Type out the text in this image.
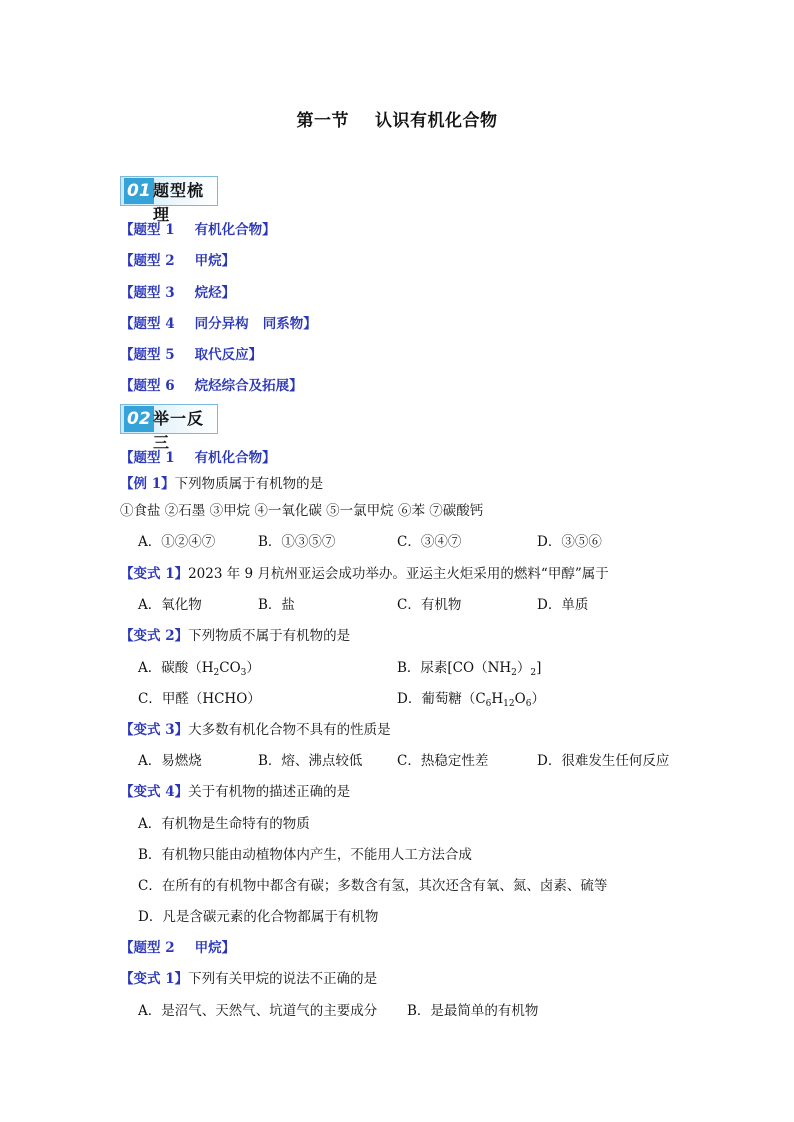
第一节 认识有机化合物
01 题型梳理
【题型 1 有机化合物】
【题型 2 甲烷】
【题型 3 烷烃】
【题型 4 同分异构   同系物】
【题型 5 取代反应】
【题型 6 烷烃综合及拓展】
02 举一反三
【题型 1 有机化合物】
【例 1】下列物质属于有机物的是
①食盐 ②石墨 ③甲烷 ④一氧化碳 ⑤一氯甲烷 ⑥苯 ⑦碳酸钙
A．①②④⑦	B．①③⑤⑦	C．③④⑦	D．③⑤⑥
【变式 1】2023 年 9 月杭州亚运会成功举办。亚运主火炬采用的燃料“甲醇”属于
A．氧化物	B．盐	C．有机物	D．单质
【变式 2】下列物质不属于有机物的是
A．碳酸$(H_2CO_3)$	B．尿素$[CO(NH_2)_2]$
C．甲醛（HCHO）	D．葡萄糖$(C_6H_{12}O_6)$
【变式 3】大多数有机化合物不具有的性质是
A．易燃烧	B．熔、沸点较低	C．热稳定性差	D．很难发生任何反应
【变式 4】关于有机物的描述正确的是
A．有机物是生命特有的物质
B．有机物只能由动植物体内产生，不能用人工方法合成
C．在所有的有机物中都含有碳；多数含有氢，其次还含有氧、氮、卤素、硫等
D．凡是含碳元素的化合物都属于有机物
【题型 2 甲烷】
【变式 1】下列有关甲烷的说法不正确的是
A．是沼气、天然气、坑道气的主要成分 B．是最简单的有机物
